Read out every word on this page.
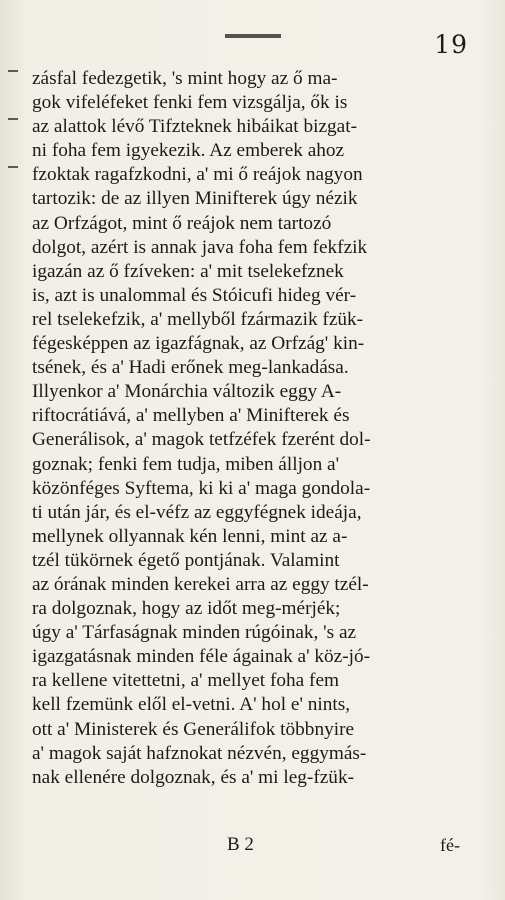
19
zásfal fedezgetik, 's mint hogy az ő ma-
gok vifeléfeket fenki fem vizsgálja, ők is
az alattok lévő Tifzteknek hibáikat bizgat-
ni foha fem igyekezik. Az emberek ahoz
fzoktak ragafzkodni, a' mi ő reájok nagyon
tartozik: de az illyen Minifterek úgy nézik
az Orfzágot, mint ő reájok nem tartozó
dolgot, azért is annak java foha fem fekfzik
igazán az ő fzíveken: a' mit tselekefznek
is, azt is unalommal és Stóicufi hideg vér-
rel tselekefzik, a' mellyből fzármazik fzük-
fégesképpen az igazfágnak, az Orfzág' kin-
tsének, és a' Hadi erőnek meg-lankadása.
Illyenkor a' Monárchia változik eggy A-
riftocrátiává, a' mellyben a' Minifterek és
Generálisok, a' magok tetfzéfek fzerént dol-
goznak; fenki fem tudja, miben álljon a'
közönféges Syftema, ki ki a' maga gondola-
ti után jár, és el-véfz az eggyfégnek ideája,
mellynek ollyannak kén lenni, mint az a-
tzél tükörnek égető pontjának. Valamint
az órának minden kerekei arra az eggy tzél-
ra dolgoznak, hogy az időt meg-mérjék;
úgy a' Tárfaságnak minden rúgóinak, 's az
igazgatásnak minden féle ágainak a' köz-jó-
ra kellene vitettetni, a' mellyet foha fem
kell fzemünk elől el-vetni. A' hol e' nints,
ott a' Ministerek és Generálifok többnyire
a' magok saját hafznokat nézvén, eggymás-
nak ellenére dolgoznak, és a' mi leg-fzük-
B 2	fé-
